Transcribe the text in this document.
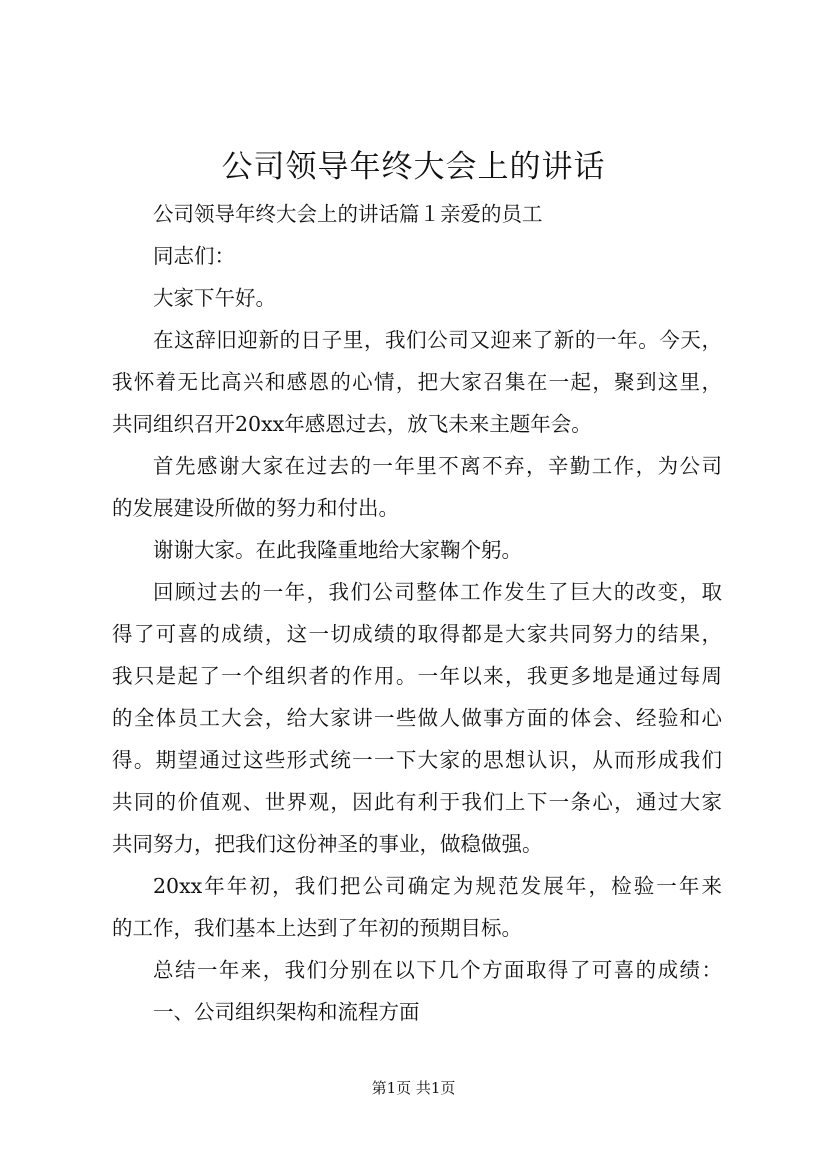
公司领导年终大会上的讲话

公司领导年终大会上的讲话篇１亲爱的员工

同志们：

大家下午好。

在这辞旧迎新的日子里，我们公司又迎来了新的一年。今天，

我怀着无比高兴和感恩的心情，把大家召集在一起，聚到这里，

共同组织召开20xx年感恩过去，放飞未来主题年会。

首先感谢大家在过去的一年里不离不弃，辛勤工作，为公司

的发展建设所做的努力和付出。

谢谢大家。在此我隆重地给大家鞠个躬。

回顾过去的一年，我们公司整体工作发生了巨大的改变，取

得了可喜的成绩，这一切成绩的取得都是大家共同努力的结果，

我只是起了一个组织者的作用。一年以来，我更多地是通过每周

的全体员工大会，给大家讲一些做人做事方面的体会、经验和心

得。期望通过这些形式统一一下大家的思想认识，从而形成我们

共同的价值观、世界观，因此有利于我们上下一条心，通过大家

共同努力，把我们这份神圣的事业，做稳做强。

20xx年年初，我们把公司确定为规范发展年，检验一年来

的工作，我们基本上达到了年初的预期目标。

总结一年来，我们分别在以下几个方面取得了可喜的成绩：

一、公司组织架构和流程方面

第1页 共1页
